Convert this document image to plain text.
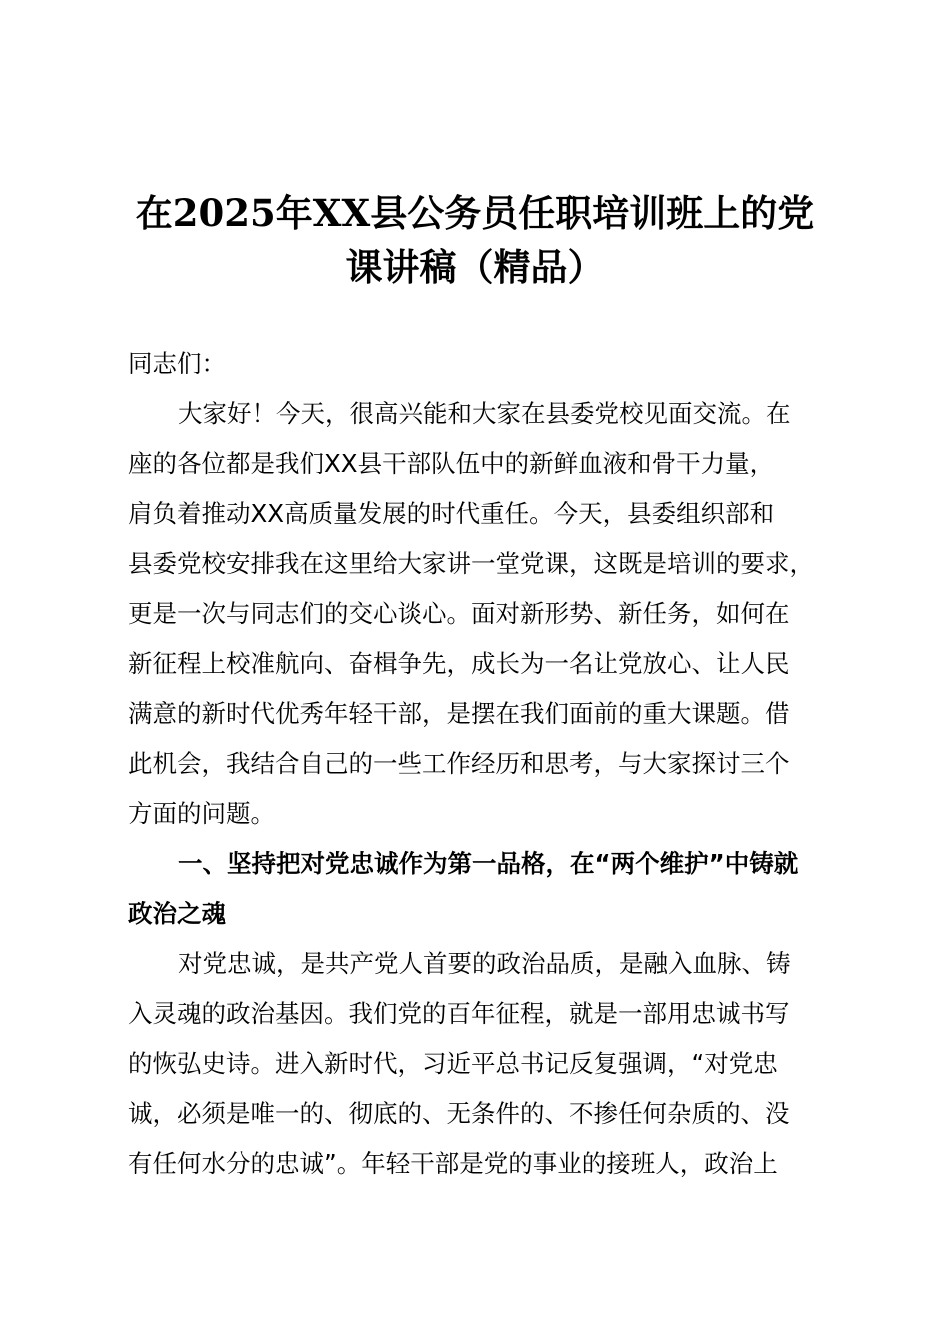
在2025年XX县公务员任职培训班上的党
课讲稿（精品）
同志们：
大家好！今天，很高兴能和大家在县委党校见面交流。在
座的各位都是我们XX县干部队伍中的新鲜血液和骨干力量，
肩负着推动XX高质量发展的时代重任。今天，县委组织部和
县委党校安排我在这里给大家讲一堂党课，这既是培训的要求，
更是一次与同志们的交心谈心。面对新形势、新任务，如何在
新征程上校准航向、奋楫争先，成长为一名让党放心、让人民
满意的新时代优秀年轻干部，是摆在我们面前的重大课题。借
此机会，我结合自己的一些工作经历和思考，与大家探讨三个
方面的问题。
一、坚持把对党忠诚作为第一品格，在“两个维护”中铸就
政治之魂
对党忠诚，是共产党人首要的政治品质，是融入血脉、铸
入灵魂的政治基因。我们党的百年征程，就是一部用忠诚书写
的恢弘史诗。进入新时代，习近平总书记反复强调，“对党忠
诚，必须是唯一的、彻底的、无条件的、不掺任何杂质的、没
有任何水分的忠诚”。年轻干部是党的事业的接班人，政治上
